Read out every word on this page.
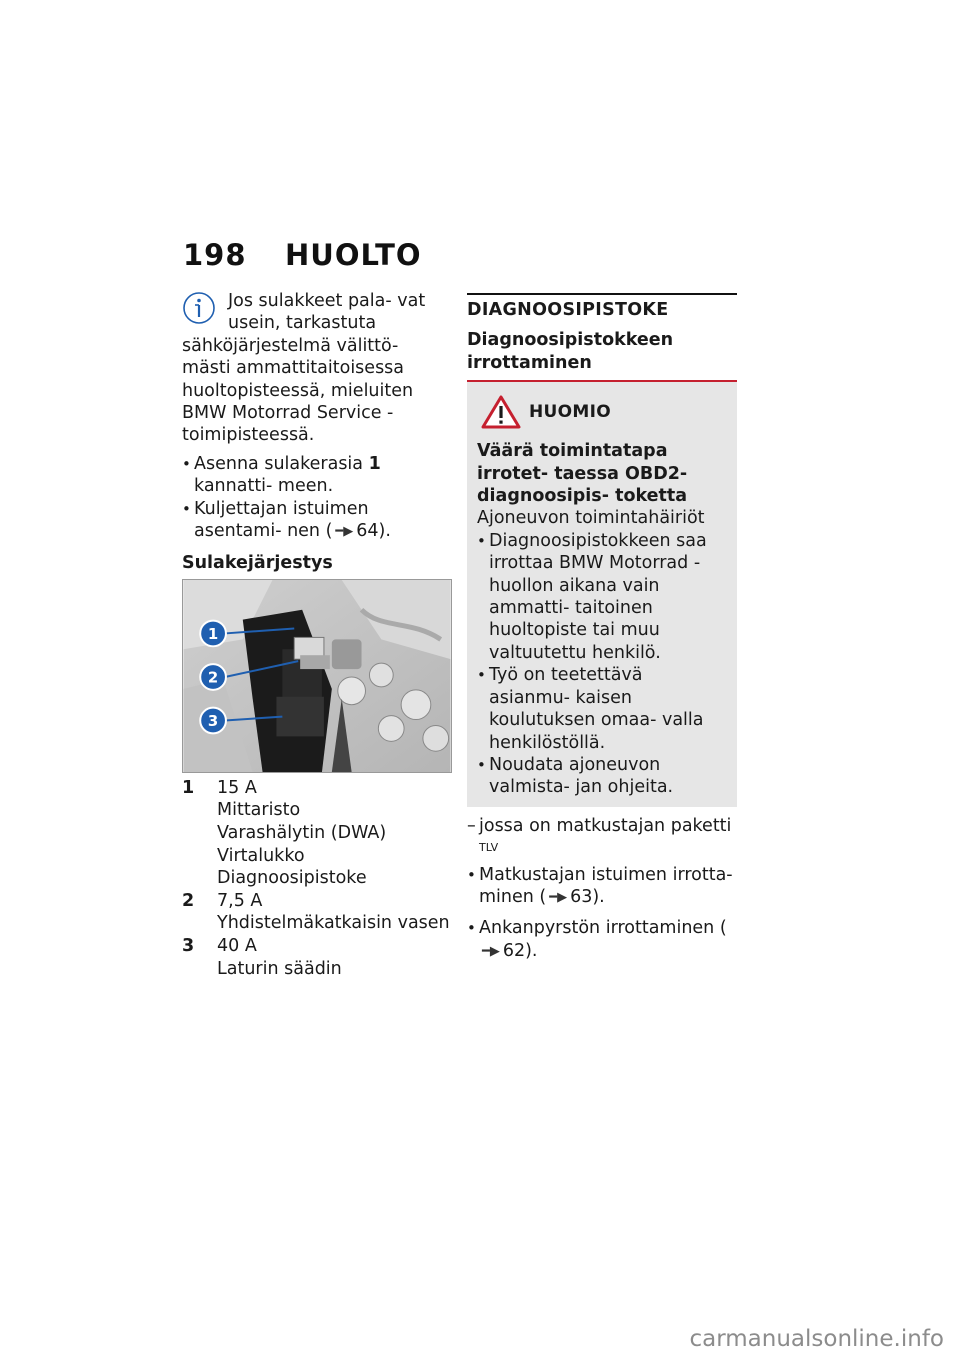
198 HUOLTO
Jos sulakkeet pala- vat usein, tarkastuta sähköjärjestelmä välittö- mästi ammattitaitoisessa huoltopisteessä, mieluiten BMW Motorrad Service - toimipisteessä.
• Asenna sulakerasia 1 kannatti- meen.
• Kuljettajan istuimen asentami- nen ( ━▶ 64).
Sulakejärjestys
1
2
3
1	15 A
Mittaristo
Varashälytin (DWA)
Virtalukko
Diagnoosipistoke
2	7,5 A
Yhdistelmäkatkaisin vasen
3	40 A
Laturin säädin
DIAGNOOSIPISTOKE
Diagnoosipistokkeen irrottaminen
HUOMIO
Väärä toimintatapa irrotet- taessa OBD2-diagnoosipis- toketta
Ajoneuvon toimintahäiriöt
• Diagnoosipistokkeen saa irrottaa BMW Motorrad - huollon aikana vain ammatti- taitoinen huoltopiste tai muu valtuutettu henkilö.
• Työ on teetettävä asianmu- kaisen koulutuksen omaa- valla henkilöstöllä.
• Noudata ajoneuvon valmista- jan ohjeita.
– jossa on matkustajan paketti $^{TLV}$
• Matkustajan istuimen irrotta- minen ( ━▶ 63).
• Ankanpyrstön irrottaminen (━▶ 62).
carmanualsonline.info
